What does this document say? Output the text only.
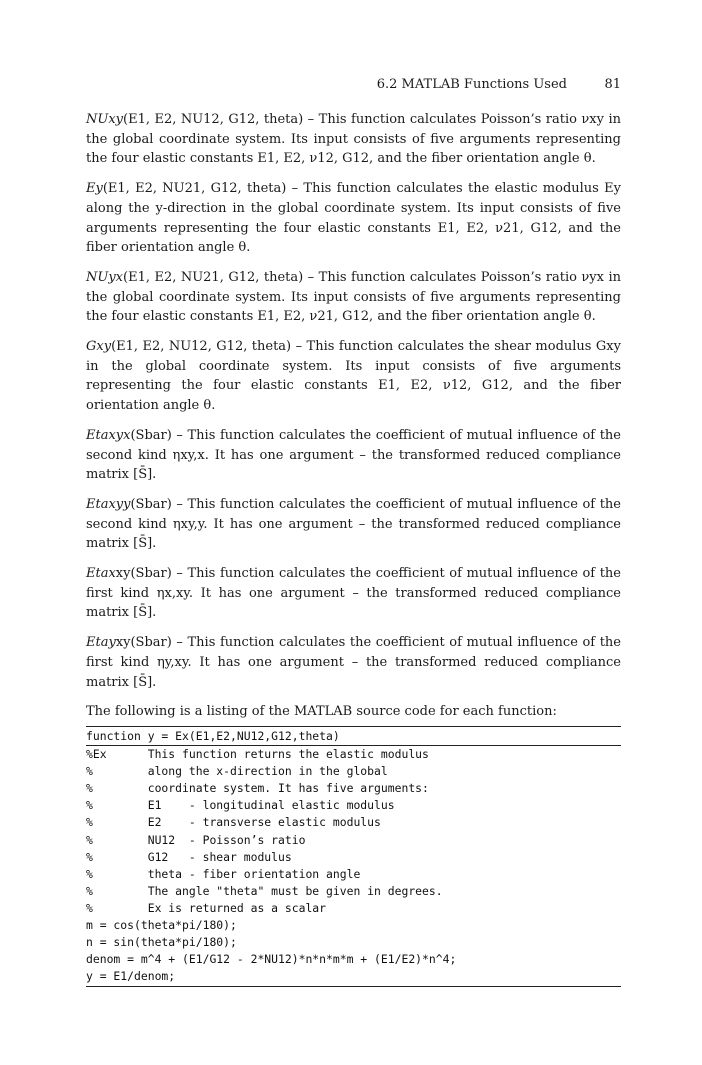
6.2 MATLAB Functions Used	81

NUxy(E1, E2, NU12, G12, theta) – This function calculates Poisson’s ratio νxy in the global coordinate system. Its input consists of five arguments representing the four elastic constants E1, E2, ν12, G12, and the fiber orientation angle θ.

Ey(E1, E2, NU21, G12, theta) – This function calculates the elastic modulus Ey along the y-direction in the global coordinate system. Its input consists of five arguments representing the four elastic constants E1, E2, ν21, G12, and the fiber orientation angle θ.

NUyx(E1, E2, NU21, G12, theta) – This function calculates Poisson’s ratio νyx in the global coordinate system. Its input consists of five arguments representing the four elastic constants E1, E2, ν21, G12, and the fiber orientation angle θ.

Gxy(E1, E2, NU12, G12, theta) – This function calculates the shear modulus Gxy in the global coordinate system. Its input consists of five arguments representing the four elastic constants E1, E2, ν12, G12, and the fiber orientation angle θ.

Etaxyx(Sbar) – This function calculates the coefficient of mutual influence of the second kind ηxy,x. It has one argument – the transformed reduced compliance matrix [S̄].

Etaxyy(Sbar) – This function calculates the coefficient of mutual influence of the second kind ηxy,y. It has one argument – the transformed reduced compliance matrix [S̄].

Etaxxy(Sbar) – This function calculates the coefficient of mutual influence of the first kind ηx,xy. It has one argument – the transformed reduced compliance matrix [S̄].

Etayxy(Sbar) – This function calculates the coefficient of mutual influence of the first kind ηy,xy. It has one argument – the transformed reduced compliance matrix [S̄].

The following is a listing of the MATLAB source code for each function:

function y = Ex(E1,E2,NU12,G12,theta)
%Ex      This function returns the elastic modulus
%        along the x-direction in the global
%        coordinate system. It has five arguments:
%        E1    - longitudinal elastic modulus
%        E2    - transverse elastic modulus
%        NU12  - Poisson’s ratio
%        G12   - shear modulus
%        theta - fiber orientation angle
%        The angle "theta" must be given in degrees.
%        Ex is returned as a scalar
m = cos(theta*pi/180);
n = sin(theta*pi/180);
denom = m^4 + (E1/G12 - 2*NU12)*n*n*m*m + (E1/E2)*n^4;
y = E1/denom;
